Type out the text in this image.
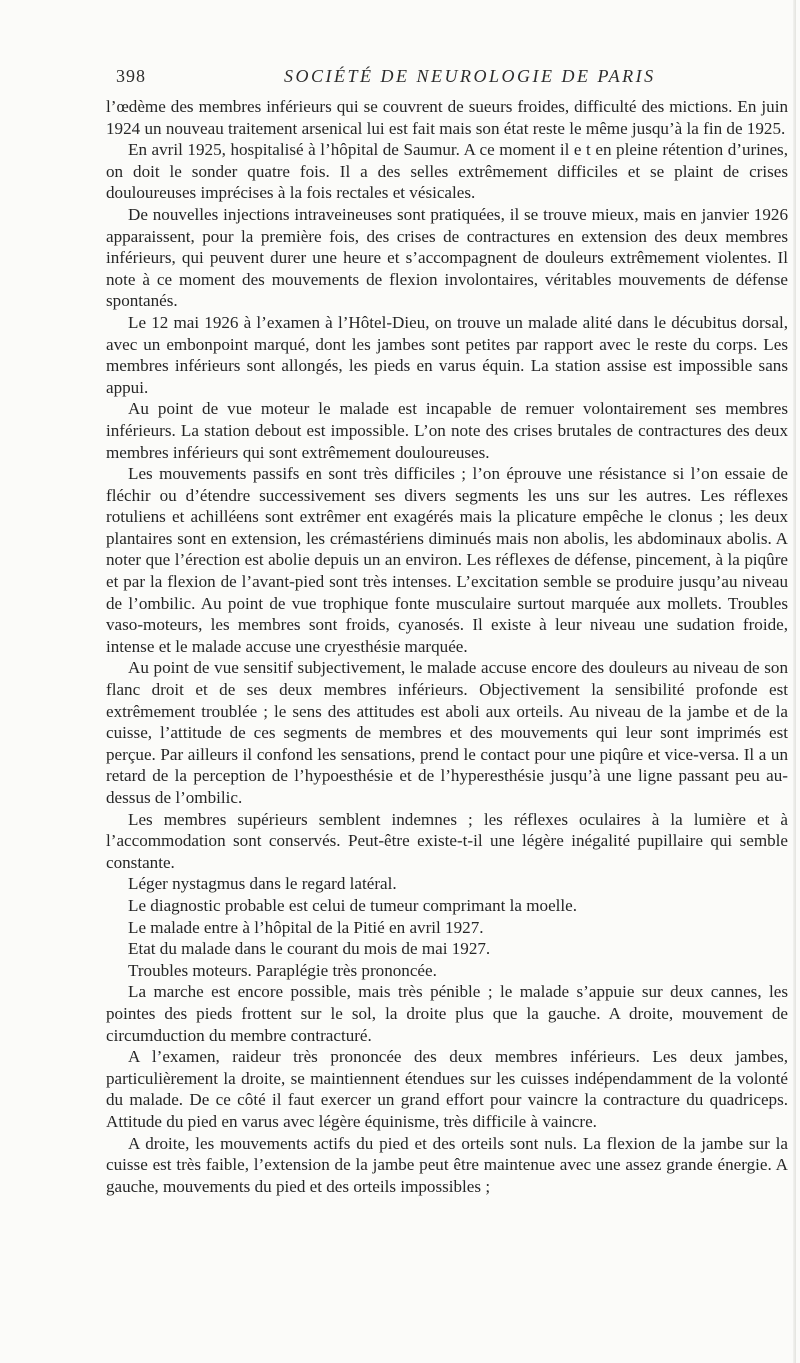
398	SOCIÉTÉ DE NEUROLOGIE DE PARIS

l’œdème des membres inférieurs qui se couvrent de sueurs froides, difficulté des mictions. En juin 1924 un nouveau traitement arsenical lui est fait mais son état reste le même jusqu’à la fin de 1925.

En avril 1925, hospitalisé à l’hôpital de Saumur. A ce moment il e t en pleine rétention d’urines, on doit le sonder quatre fois. Il a des selles extrêmement difficiles et se plaint de crises douloureuses imprécises à la fois rectales et vésicales.

De nouvelles injections intraveineuses sont pratiquées, il se trouve mieux, mais en janvier 1926 apparaissent, pour la première fois, des crises de contractures en extension des deux membres inférieurs, qui peuvent durer une heure et s’accompagnent de douleurs extrêmement violentes. Il note à ce moment des mouvements de flexion involontaires, véritables mouvements de défense spontanés.

Le 12 mai 1926 à l’examen à l’Hôtel-Dieu, on trouve un malade alité dans le décubitus dorsal, avec un embonpoint marqué, dont les jambes sont petites par rapport avec le reste du corps. Les membres inférieurs sont allongés, les pieds en varus équin. La station assise est impossible sans appui.

Au point de vue moteur le malade est incapable de remuer volontairement ses membres inférieurs. La station debout est impossible. L’on note des crises brutales de contractures des deux membres inférieurs qui sont extrêmement douloureuses.

Les mouvements passifs en sont très difficiles ; l’on éprouve une résistance si l’on essaie de fléchir ou d’étendre successivement ses divers segments les uns sur les autres. Les réflexes rotuliens et achilléens sont extrêmer ent exagérés mais la plicature empêche le clonus ; les deux plantaires sont en extension, les crémastériens diminués mais non abolis, les abdominaux abolis. A noter que l’érection est abolie depuis un an environ. Les réflexes de défense, pincement, à la piqûre et par la flexion de l’avant-pied sont très intenses. L’excitation semble se produire jusqu’au niveau de l’ombilic. Au point de vue trophique fonte musculaire surtout marquée aux mollets. Troubles vaso-moteurs, les membres sont froids, cyanosés. Il existe à leur niveau une sudation froide, intense et le malade accuse une cryesthésie marquée.

Au point de vue sensitif subjectivement, le malade accuse encore des douleurs au niveau de son flanc droit et de ses deux membres inférieurs. Objectivement la sensibilité profonde est extrêmement troublée ; le sens des attitudes est aboli aux orteils. Au niveau de la jambe et de la cuisse, l’attitude de ces segments de membres et des mouvements qui leur sont imprimés est perçue. Par ailleurs il confond les sensations, prend le contact pour une piqûre et vice-versa. Il a un retard de la perception de l’hypoesthésie et de l’hyperesthésie jusqu’à une ligne passant peu au-dessus de l’ombilic.

Les membres supérieurs semblent indemnes ; les réflexes oculaires à la lumière et à l’accommodation sont conservés. Peut-être existe-t-il une légère inégalité pupillaire qui semble constante.

Léger nystagmus dans le regard latéral.

Le diagnostic probable est celui de tumeur comprimant la moelle.

Le malade entre à l’hôpital de la Pitié en avril 1927.

Etat du malade dans le courant du mois de mai 1927.

Troubles moteurs. Paraplégie très prononcée.

La marche est encore possible, mais très pénible ; le malade s’appuie sur deux cannes, les pointes des pieds frottent sur le sol, la droite plus que la gauche. A droite, mouvement de circumduction du membre contracturé.

A l’examen, raideur très prononcée des deux membres inférieurs. Les deux jambes, particulièrement la droite, se maintiennent étendues sur les cuisses indépendamment de la volonté du malade. De ce côté il faut exercer un grand effort pour vaincre la contracture du quadriceps. Attitude du pied en varus avec légère équinisme, très difficile à vaincre.

A droite, les mouvements actifs du pied et des orteils sont nuls. La flexion de la jambe sur la cuisse est très faible, l’extension de la jambe peut être maintenue avec une assez grande énergie. A gauche, mouvements du pied et des orteils impossibles ;
